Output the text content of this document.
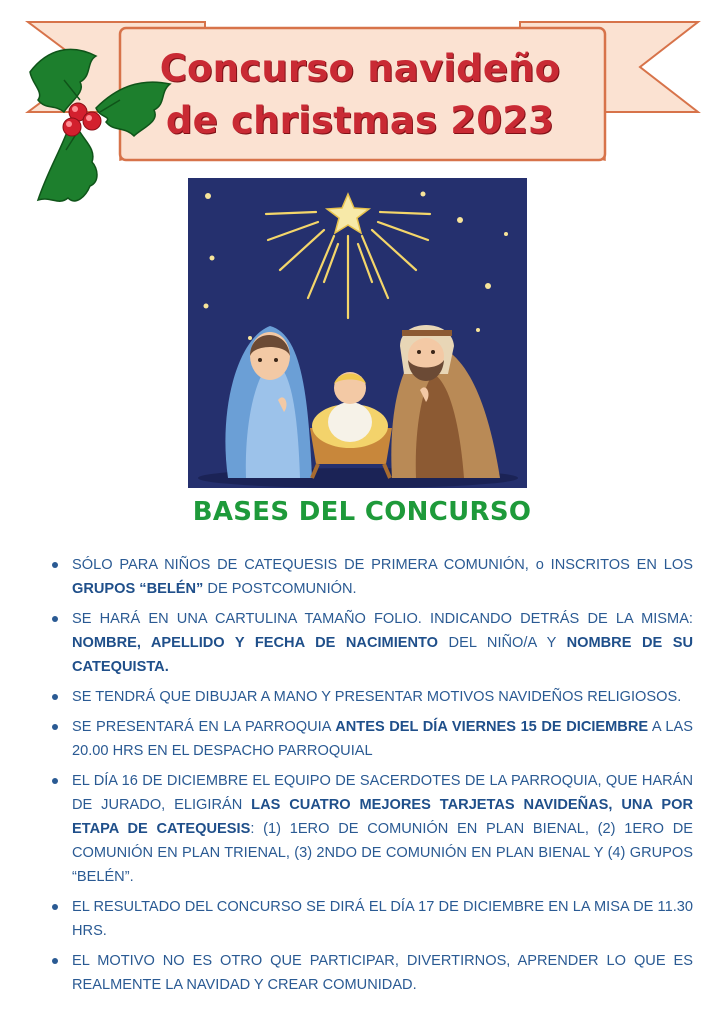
Concurso navideño
de christmas 2023
BASES DEL CONCURSO
SÓLO PARA NIÑOS DE CATEQUESIS DE PRIMERA COMUNIÓN, o INSCRITOS EN LOS GRUPOS “BELÉN” DE POSTCOMUNIÓN.
SE HARÁ EN UNA CARTULINA TAMAÑO FOLIO. INDICANDO DETRÁS DE LA MISMA: NOMBRE, APELLIDO Y FECHA DE NACIMIENTO DEL NIÑO/A Y NOMBRE DE SU CATEQUISTA.
SE TENDRÁ QUE DIBUJAR A MANO Y PRESENTAR MOTIVOS NAVIDEÑOS RELIGIOSOS.
SE PRESENTARÁ EN LA PARROQUIA ANTES DEL DÍA VIERNES 15 DE DICIEMBRE A LAS 20.00 HRS EN EL DESPACHO PARROQUIAL
EL DÍA 16 DE DICIEMBRE EL EQUIPO DE SACERDOTES DE LA PARROQUIA, QUE HARÁN DE JURADO, ELIGIRÁN LAS CUATRO MEJORES TARJETAS NAVIDEÑAS, UNA POR ETAPA DE CATEQUESIS: (1) 1ERO DE COMUNIÓN EN PLAN BIENAL, (2) 1ERO DE COMUNIÓN EN PLAN TRIENAL, (3) 2NDO DE COMUNIÓN EN PLAN BIENAL Y (4) GRUPOS “BELÉN”.
EL RESULTADO DEL CONCURSO SE DIRÁ EL DÍA 17 DE DICIEMBRE EN LA MISA DE 11.30 HRS.
EL MOTIVO NO ES OTRO QUE PARTICIPAR, DIVERTIRNOS, APRENDER LO QUE ES REALMENTE LA NAVIDAD Y CREAR COMUNIDAD.
